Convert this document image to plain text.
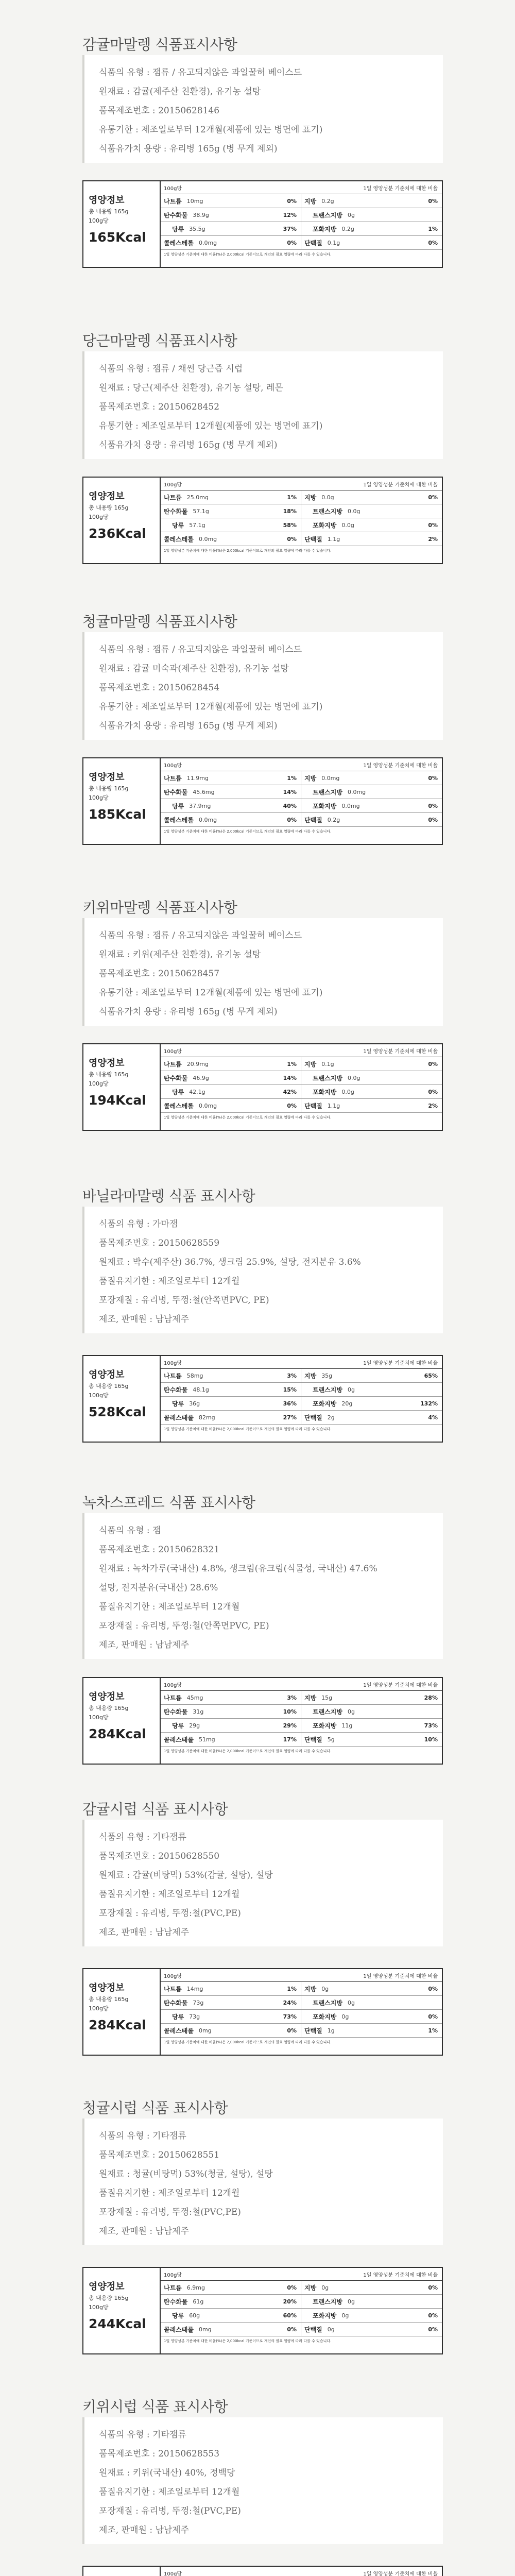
감귤마말렝 식품표시사항
식품의 유형 : 잼류 / 유고되지않은 과일꿀허 베이스드
원재료 : 감귤(제주산 친환경), 유기농 설탕
품목제조번호 : 20150628146
유통기한 : 제조일로부터 12개월(제품에 있는 병면에 표기)
식품유가치 용량 : 유리병 165g (병 무게 제외)
영양정보
총 내용량 165g
100g당
165Kcal
100g당	1일 영양성분 기준치에 대한 비율
나트륨 10mg	0% 지방 0.2g	0%
탄수화물 38.9g	12%	트랜스지방 0g
당류 35.5g	37%	포화지방 0.2g	1%
콜레스테롤 0.0mg	0% 단백질 0.1g	0%
1일 영양성분 기준치에 대한 비율(%)은 2,000kcal 기준이므로 개인의 필요 열량에 따라 다를 수 있습니다.
당근마말렝 식품표시사항
식품의 유형 : 잼류 / 채썬 당근즙 시럽
원재료 : 당근(제주산 친환경), 유기농 설탕, 레몬
품목제조번호 : 20150628452
유통기한 : 제조일로부터 12개월(제품에 있는 병면에 표기)
식품유가치 용량 : 유리병 165g (병 무게 제외)
영양정보
총 내용량 165g
100g당
236Kcal
100g당	1일 영양성분 기준치에 대한 비율
나트륨 25.0mg	1% 지방 0.0g	0%
탄수화물 57.1g	18%	트랜스지방 0.0g
당류 57.1g	58%	포화지방 0.0g	0%
콜레스테롤 0.0mg	0% 단백질 1.1g	2%
1일 영양성분 기준치에 대한 비율(%)은 2,000kcal 기준이므로 개인의 필요 열량에 따라 다를 수 있습니다.
청귤마말렝 식품표시사항
식품의 유형 : 잼류 / 유고되지않은 과일꿀허 베이스드
원재료 : 감귤 미숙과(제주산 친환경), 유기농 설탕
품목제조번호 : 20150628454
유통기한 : 제조일로부터 12개월(제품에 있는 병면에 표기)
식품유가치 용량 : 유리병 165g (병 무게 제외)
영양정보
총 내용량 165g
100g당
185Kcal
100g당	1일 영양성분 기준치에 대한 비율
나트륨 11.9mg	1% 지방 0.0mg	0%
탄수화물 45.6mg	14%	트랜스지방 0.0mg
당류 37.9mg	40%	포화지방 0.0mg	0%
콜레스테롤 0.0mg	0% 단백질 0.2g	0%
1일 영양성분 기준치에 대한 비율(%)은 2,000kcal 기준이므로 개인의 필요 열량에 따라 다를 수 있습니다.
키위마말렝 식품표시사항
식품의 유형 : 잼류 / 유고되지않은 과일꿀허 베이스드
원재료 : 키위(제주산 친환경), 유기농 설탕
품목제조번호 : 20150628457
유통기한 : 제조일로부터 12개월(제품에 있는 병면에 표기)
식품유가치 용량 : 유리병 165g (병 무게 제외)
영양정보
총 내용량 165g
100g당
194Kcal
100g당	1일 영양성분 기준치에 대한 비율
나트륨 20.9mg	1% 지방 0.1g	0%
탄수화물 46.9g	14%	트랜스지방 0.0g
당류 42.1g	42%	포화지방 0.0g	0%
콜레스테롤 0.0mg	0% 단백질 1.1g	2%
1일 영양성분 기준치에 대한 비율(%)은 2,000kcal 기준이므로 개인의 필요 열량에 따라 다를 수 있습니다.
바닐라마말렝 식품 표시사항
식품의 유형 : 가마잼
품목제조번호 : 20150628559
원재료 : 박수(제주산) 36.7%, 생크림 25.9%, 설탕, 전지분유 3.6%
품질유지기한 : 제조일로부터 12개월
포장재질 : 유리병, 뚜껑:철(안쪽면PVC, PE)
제조, 판매원 : 남남제주
영양정보
총 내용량 165g
100g당
528Kcal
100g당	1일 영양성분 기준치에 대한 비율
나트륨 58mg	3% 지방 35g	65%
탄수화물 48.1g	15%	트랜스지방 0g
당류 36g	36%	포화지방 20g	132%
콜레스테롤 82mg	27% 단백질 2g	4%
1일 영양성분 기준치에 대한 비율(%)은 2,000kcal 기준이므로 개인의 필요 열량에 따라 다를 수 있습니다.
녹차스프레드 식품 표시사항
식품의 유형 : 잼
품목제조번호 : 20150628321
원재료 : 녹차가루(국내산) 4.8%, 생크림(유크림(식물성, 국내산) 47.6%
설탕, 전지분유(국내산) 28.6%
품질유지기한 : 제조일로부터 12개월
포장재질 : 유리병, 뚜껑:철(안쪽면PVC, PE)
제조, 판매원 : 남남제주
영양정보
총 내용량 165g
100g당
284Kcal
100g당	1일 영양성분 기준치에 대한 비율
나트륨 45mg	3% 지방 15g	28%
탄수화물 31g	10%	트랜스지방 0g
당류 29g	29%	포화지방 11g	73%
콜레스테롤 51mg	17% 단백질 5g	10%
1일 영양성분 기준치에 대한 비율(%)은 2,000kcal 기준이므로 개인의 필요 열량에 따라 다를 수 있습니다.
감귤시럽 식품 표시사항
식품의 유형 : 기타잼류
품목제조번호 : 20150628550
원재료 : 감귤(비탕먹) 53%(감귤, 설탕), 설탕
품질유지기한 : 제조일로부터 12개월
포장재질 : 유리병, 뚜껑:철(PVC,PE)
제조, 판매원 : 남남제주
영양정보
총 내용량 165g
100g당
284Kcal
100g당	1일 영양성분 기준치에 대한 비율
나트륨 14mg	1% 지방 0g	0%
탄수화물 73g	24%	트랜스지방 0g
당류 73g	73%	포화지방 0g	0%
콜레스테롤 0mg	0% 단백질 1g	1%
1일 영양성분 기준치에 대한 비율(%)은 2,000kcal 기준이므로 개인의 필요 열량에 따라 다를 수 있습니다.
청귤시럽 식품 표시사항
식품의 유형 : 기타잼류
품목제조번호 : 20150628551
원재료 : 청귤(비탕먹) 53%(청귤, 설탕), 설탕
품질유지기한 : 제조일로부터 12개월
포장재질 : 유리병, 뚜껑:철(PVC,PE)
제조, 판매원 : 남남제주
영양정보
총 내용량 165g
100g당
244Kcal
100g당	1일 영양성분 기준치에 대한 비율
나트륨 6.9mg	0% 지방 0g	0%
탄수화물 61g	20%	트랜스지방 0g
당류 60g	60%	포화지방 0g	0%
콜레스테롤 0mg	0% 단백질 0g	0%
1일 영양성분 기준치에 대한 비율(%)은 2,000kcal 기준이므로 개인의 필요 열량에 따라 다를 수 있습니다.
키위시럽 식품 표시사항
식품의 유형 : 기타잼류
품목제조번호 : 20150628553
원재료 : 키위(국내산) 40%, 정백당
품질유지기한 : 제조일로부터 12개월
포장재질 : 유리병, 뚜껑:철(PVC,PE)
제조, 판매원 : 남남제주
100g당	1일 영양성분 기준치에 대한 비율
